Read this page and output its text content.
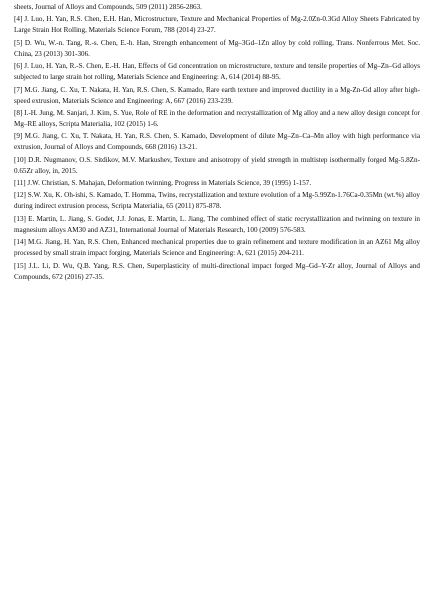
sheets, Journal of Alloys and Compounds, 509 (2011) 2856-2863.

[4] J. Luo, H. Yan, R.S. Chen, E.H. Han, Microstructure, Texture and Mechanical Properties of Mg-2.0Zn-0.3Gd Alloy Sheets Fabricated by Large Strain Hot Rolling, Materials Science Forum, 788 (2014) 23-27.

[5] D. Wu, W.-n. Tang, R.-s. Chen, E.-h. Han, Strength enhancement of Mg–3Gd–1Zn alloy by cold rolling, Trans. Nonferrous Met. Soc. China, 23 (2013) 301-306.

[6] J. Luo, H. Yan, R.-S. Chen, E.-H. Han, Effects of Gd concentration on microstructure, texture and tensile properties of Mg–Zn–Gd alloys subjected to large strain hot rolling, Materials Science and Engineering: A, 614 (2014) 88-95.

[7] M.G. Jiang, C. Xu, T. Nakata, H. Yan, R.S. Chen, S. Kamado, Rare earth texture and improved ductility in a Mg-Zn-Gd alloy after high-speed extrusion, Materials Science and Engineering: A, 667 (2016) 233-239.

[8] I.-H. Jung, M. Sanjari, J. Kim, S. Yue, Role of RE in the deformation and recrystallization of Mg alloy and a new alloy design concept for Mg–RE alloys, Scripta Materialia, 102 (2015) 1-6.

[9] M.G. Jiang, C. Xu, T. Nakata, H. Yan, R.S. Chen, S. Kamado, Development of dilute Mg–Zn–Ca–Mn alloy with high performance via extrusion, Journal of Alloys and Compounds, 668 (2016) 13-21.

[10] D.R. Nugmanov, O.S. Sitdikov, M.V. Markushev, Texture and anisotropy of yield strength in multistep isothermally forged Mg-5.8Zn-0.65Zr alloy, in, 2015.

[11] J.W. Christian, S. Mahajan, Deformation twinning, Progress in Materials Science, 39 (1995) 1-157.

[12] S.W. Xu, K. Oh-ishi, S. Kamado, T. Homma, Twins, recrystallization and texture evolution of a Mg-5.99Zn-1.76Ca-0.35Mn (wt.%) alloy during indirect extrusion process, Scripta Materialia, 65 (2011) 875-878.

[13] E. Martin, L. Jiang, S. Godet, J.J. Jonas, E. Martin, L. Jiang, The combined effect of static recrystallization and twinning on texture in magnesium alloys AM30 and AZ31, International Journal of Materials Research, 100 (2009) 576-583.

[14] M.G. Jiang, H. Yan, R.S. Chen, Enhanced mechanical properties due to grain refinement and texture modification in an AZ61 Mg alloy processed by small strain impact forging, Materials Science and Engineering: A, 621 (2015) 204-211.

[15] J.L. Li, D. Wu, Q.B. Yang, R.S. Chen, Superplasticity of multi-directional impact forged Mg–Gd–Y-Zr alloy, Journal of Alloys and Compounds, 672 (2016) 27-35.
